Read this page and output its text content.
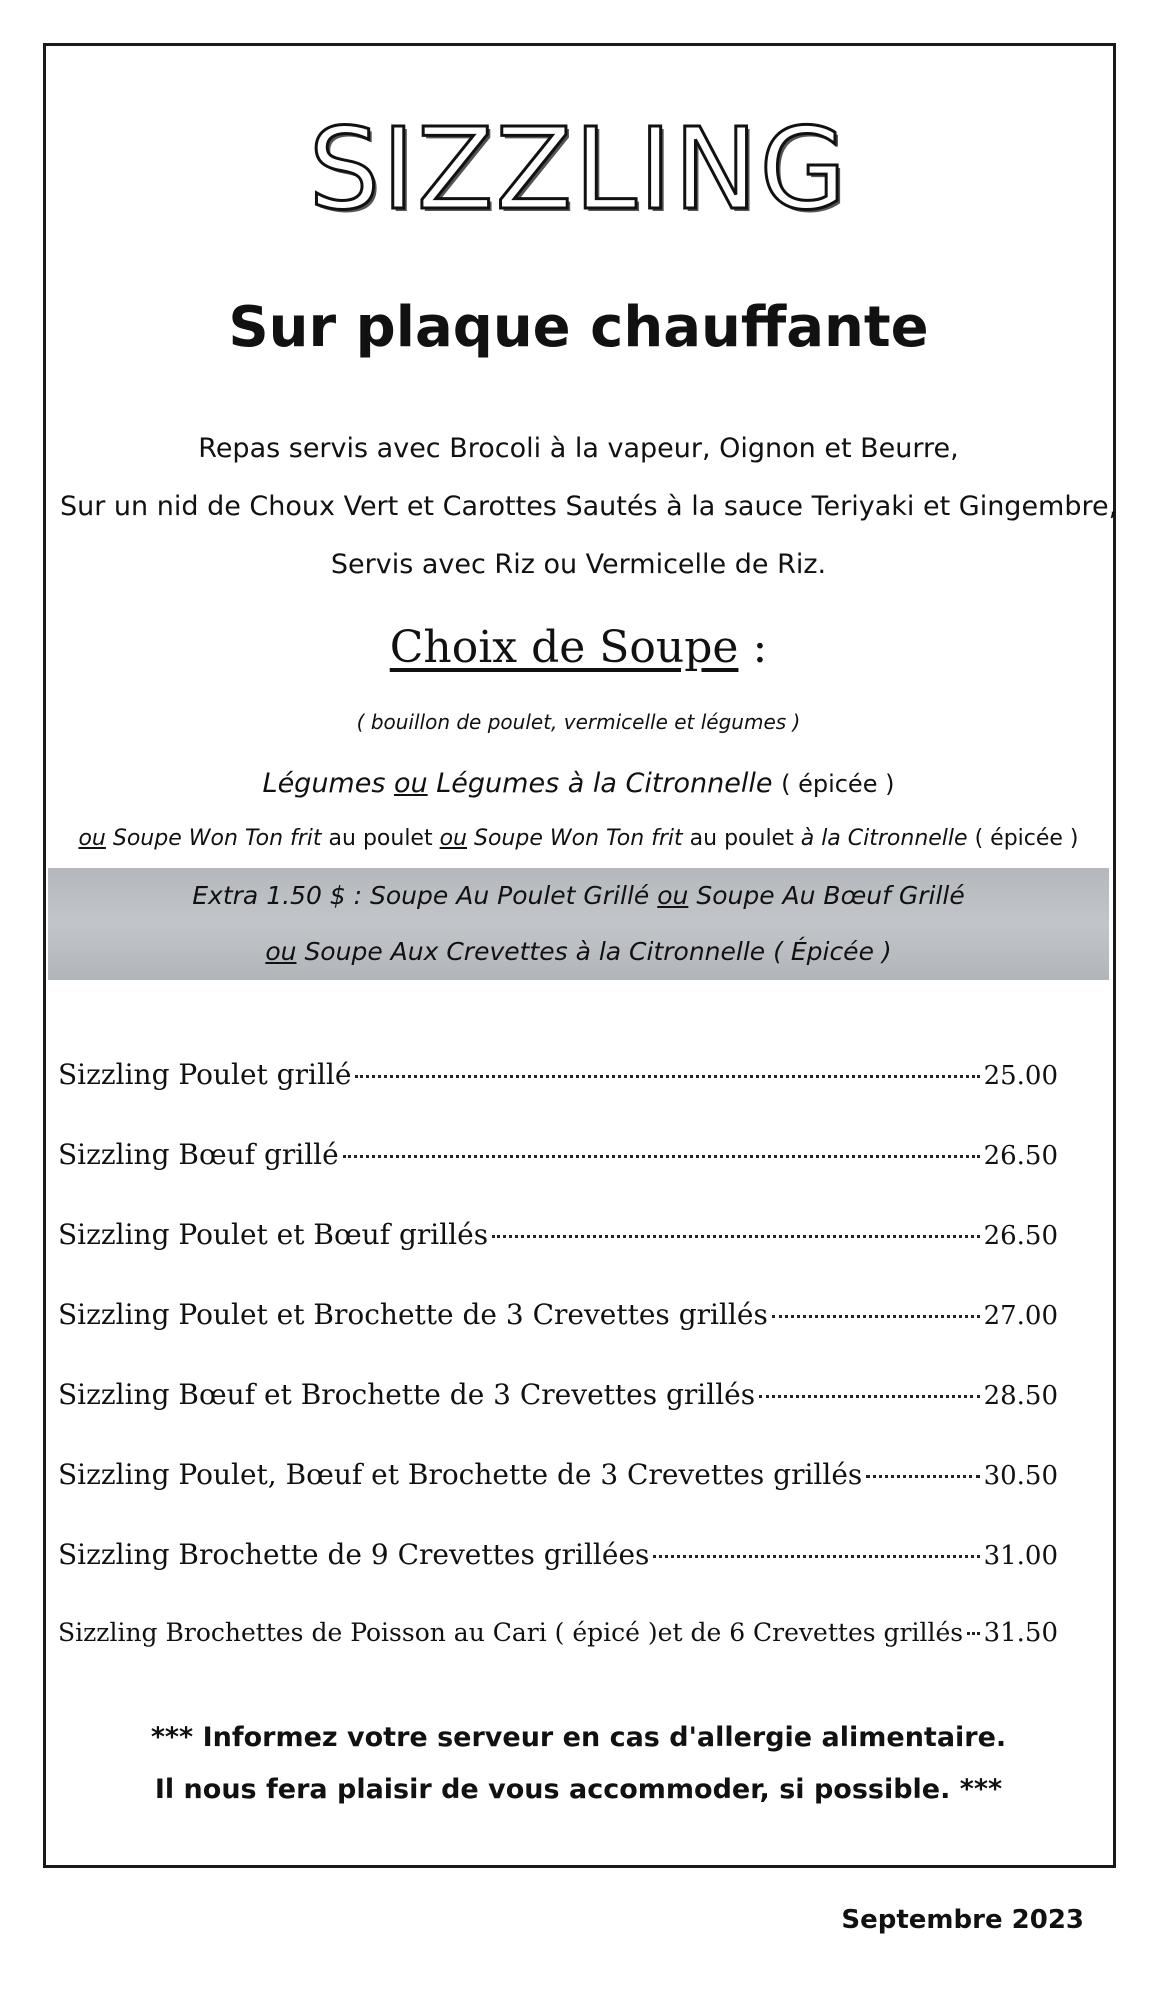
SIZZLING
Sur plaque chauffante
Repas servis avec Brocoli à la vapeur, Oignon et Beurre,
Sur un nid de Choux Vert et Carottes Sautés à la sauce Teriyaki et Gingembre,
Servis avec Riz ou Vermicelle de Riz.
Choix de Soupe :
( bouillon de poulet, vermicelle et légumes )
Légumes ou Légumes à la Citronnelle ( épicée )
ou Soupe Won Ton frit au poulet ou Soupe Won Ton frit au poulet à la Citronnelle ( épicée )
Extra 1.50 $ : Soupe Au Poulet Grillé ou Soupe Au Bœuf Grillé
ou Soupe Aux Crevettes à la Citronnelle ( Épicée )
Sizzling Poulet grillé	25.00
Sizzling Bœuf grillé	26.50
Sizzling Poulet et Bœuf grillés	26.50
Sizzling Poulet et Brochette de 3 Crevettes grillés	27.00
Sizzling Bœuf et Brochette de 3 Crevettes grillés	28.50
Sizzling Poulet, Bœuf et Brochette de 3 Crevettes grillés	30.50
Sizzling Brochette de 9 Crevettes grillées	31.00
Sizzling Brochettes de Poisson au Cari ( épicé )et de 6 Crevettes grillés 31.50
*** Informez votre serveur en cas d'allergie alimentaire.
Il nous fera plaisir de vous accommoder, si possible. ***
Septembre 2023
